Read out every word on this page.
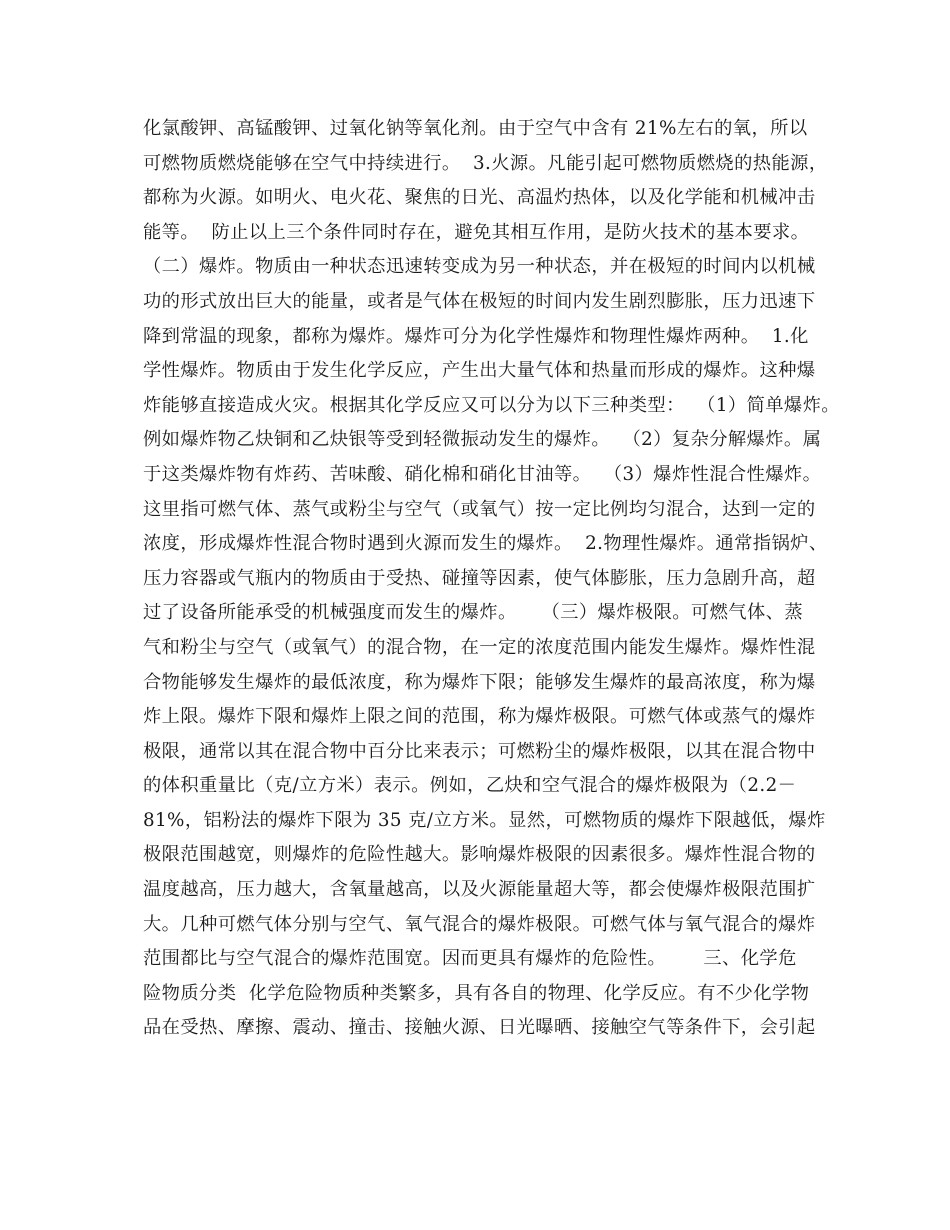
化氯酸钾、高锰酸钾、过氧化钠等氧化剂。由于空气中含有 21%左右的氧，所以
可燃物质燃烧能够在空气中持续进行。  3.火源。凡能引起可燃物质燃烧的热能源，
都称为火源。如明火、电火花、聚焦的日光、高温灼热体，以及化学能和机械冲击
能等。  防止以上三个条件同时存在，避免其相互作用，是防火技术的基本要求。
（二）爆炸。物质由一种状态迅速转变成为另一种状态，并在极短的时间内以机械
功的形式放出巨大的能量，或者是气体在极短的时间内发生剧烈膨胀，压力迅速下
降到常温的现象，都称为爆炸。爆炸可分为化学性爆炸和物理性爆炸两种。  1.化
学性爆炸。物质由于发生化学反应，产生出大量气体和热量而形成的爆炸。这种爆
炸能够直接造成火灾。根据其化学反应又可以分为以下三种类型：  （1）简单爆炸。
例如爆炸物乙炔铜和乙炔银等受到轻微振动发生的爆炸。  （2）复杂分解爆炸。属
于这类爆炸物有炸药、苦味酸、硝化棉和硝化甘油等。  （3）爆炸性混合性爆炸。
这里指可燃气体、蒸气或粉尘与空气（或氧气）按一定比例均匀混合，达到一定的
浓度，形成爆炸性混合物时遇到火源而发生的爆炸。  2.物理性爆炸。通常指锅炉、
压力容器或气瓶内的物质由于受热、碰撞等因素，使气体膨胀，压力急剧升高，超
过了设备所能承受的机械强度而发生的爆炸。    （三）爆炸极限。可燃气体、蒸
气和粉尘与空气（或氧气）的混合物，在一定的浓度范围内能发生爆炸。爆炸性混
合物能够发生爆炸的最低浓度，称为爆炸下限；能够发生爆炸的最高浓度，称为爆
炸上限。爆炸下限和爆炸上限之间的范围，称为爆炸极限。可燃气体或蒸气的爆炸
极限，通常以其在混合物中百分比来表示；可燃粉尘的爆炸极限，以其在混合物中
的体积重量比（克/立方米）表示。例如，乙炔和空气混合的爆炸极限为（2.2－
81%，铝粉法的爆炸下限为 35 克/立方米。显然，可燃物质的爆炸下限越低，爆炸
极限范围越宽，则爆炸的危险性越大。影响爆炸极限的因素很多。爆炸性混合物的
温度越高，压力越大，含氧量越高，以及火源能量超大等，都会使爆炸极限范围扩
大。几种可燃气体分别与空气、氧气混合的爆炸极限。可燃气体与氧气混合的爆炸
范围都比与空气混合的爆炸范围宽。因而更具有爆炸的危险性。      三、化学危
险物质分类  化学危险物质种类繁多，具有各自的物理、化学反应。有不少化学物
品在受热、摩擦、震动、撞击、接触火源、日光曝晒、接触空气等条件下，会引起
